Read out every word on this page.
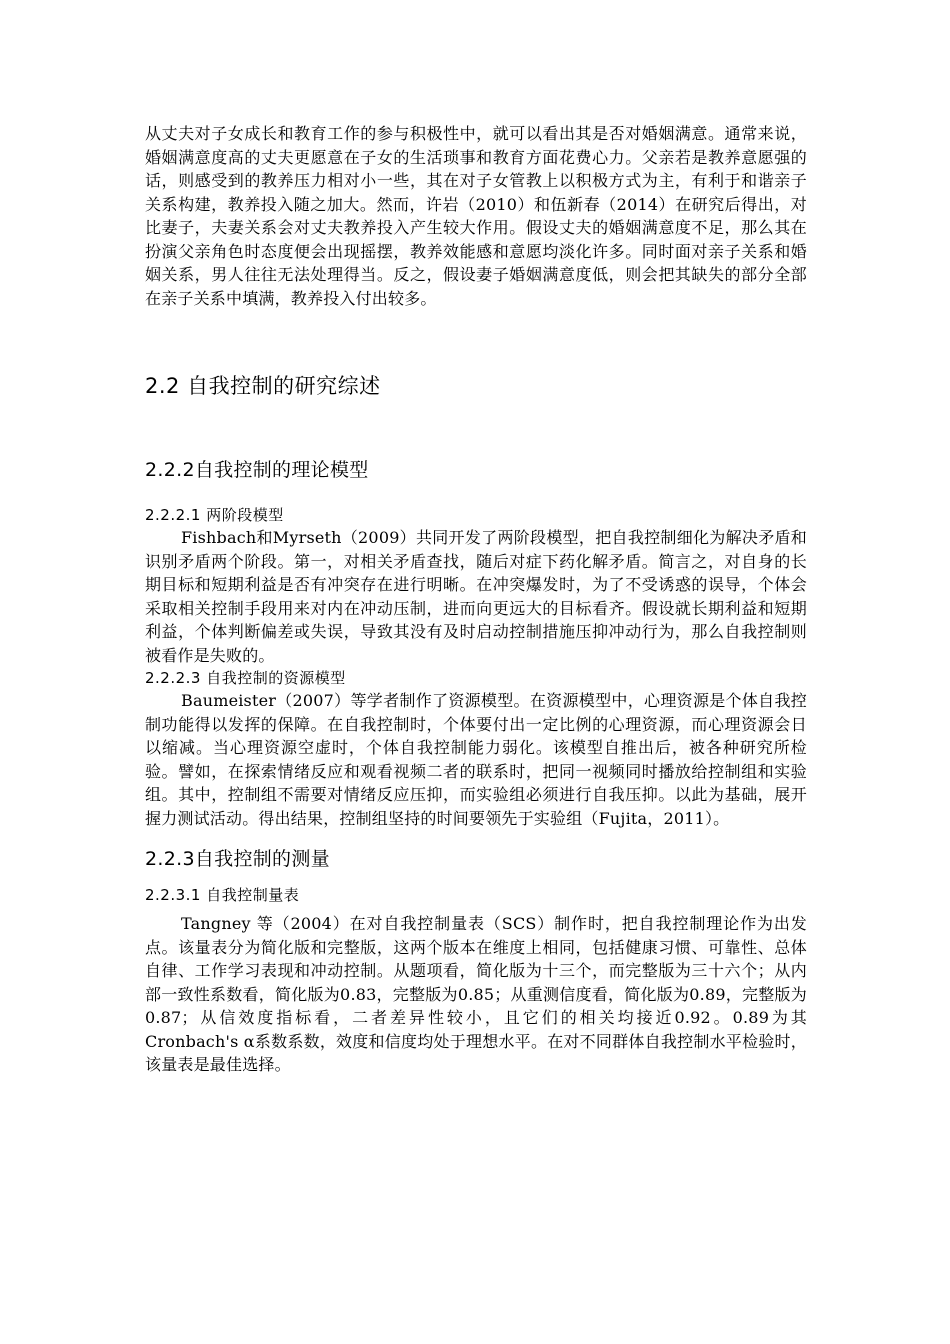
从丈夫对子女成长和教育工作的参与积极性中，就可以看出其是否对婚姻满意。通常来说，婚姻满意度高的丈夫更愿意在子女的生活琐事和教育方面花费心力。父亲若是教养意愿强的话，则感受到的教养压力相对小一些，其在对子女管教上以积极方式为主，有利于和谐亲子关系构建，教养投入随之加大。然而，许岩（2010）和伍新春（2014）在研究后得出，对比妻子，夫妻关系会对丈夫教养投入产生较大作用。假设丈夫的婚姻满意度不足，那么其在扮演父亲角色时态度便会出现摇摆，教养效能感和意愿均淡化许多。同时面对亲子关系和婚姻关系，男人往往无法处理得当。反之，假设妻子婚姻满意度低，则会把其缺失的部分全部在亲子关系中填满，教养投入付出较多。

2.2 自我控制的研究综述
2.2.2自我控制的理论模型
2.2.2.1 两阶段模型

Fishbach和Myrseth（2009）共同开发了两阶段模型，把自我控制细化为解决矛盾和识别矛盾两个阶段。第一，对相关矛盾查找，随后对症下药化解矛盾。简言之，对自身的长期目标和短期利益是否有冲突存在进行明晰。在冲突爆发时，为了不受诱惑的误导，个体会采取相关控制手段用来对内在冲动压制，进而向更远大的目标看齐。假设就长期利益和短期利益，个体判断偏差或失误，导致其没有及时启动控制措施压抑冲动行为，那么自我控制则被看作是失败的。

2.2.2.3 自我控制的资源模型

Baumeister（2007）等学者制作了资源模型。在资源模型中，心理资源是个体自我控制功能得以发挥的保障。在自我控制时，个体要付出一定比例的心理资源，而心理资源会日以缩减。当心理资源空虚时，个体自我控制能力弱化。该模型自推出后，被各种研究所检验。譬如，在探索情绪反应和观看视频二者的联系时，把同一视频同时播放给控制组和实验组。其中，控制组不需要对情绪反应压抑，而实验组必须进行自我压抑。以此为基础，展开握力测试活动。得出结果，控制组坚持的时间要领先于实验组（Fujita，2011）。

2.2.3自我控制的测量
2.2.3.1 自我控制量表

Tangney 等（2004）在对自我控制量表（SCS）制作时，把自我控制理论作为出发点。该量表分为简化版和完整版，这两个版本在维度上相同，包括健康习惯、可靠性、总体自律、工作学习表现和冲动控制。从题项看，简化版为十三个，而完整版为三十六个；从内部一致性系数看，简化版为0.83，完整版为0.85；从重测信度看，简化版为0.89，完整版为0.87；从信效度指标看，二者差异性较小，且它们的相关均接近0.92。0.89为其Cronbach's α系数系数，效度和信度均处于理想水平。在对不同群体自我控制水平检验时，该量表是最佳选择。
